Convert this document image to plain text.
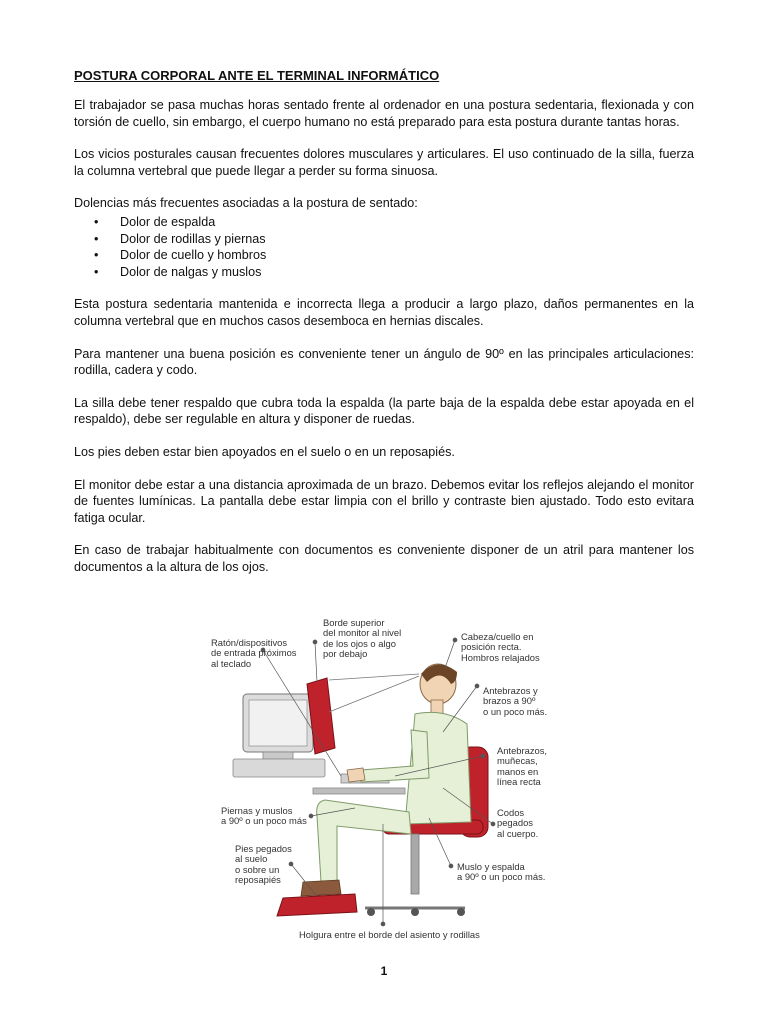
POSTURA CORPORAL ANTE EL TERMINAL INFORMÁTICO

El trabajador se pasa muchas horas sentado frente al ordenador en una postura sedentaria, flexionada y con torsión de cuello, sin embargo, el cuerpo humano no está preparado para esta postura durante tantas horas.

Los vicios posturales causan frecuentes dolores musculares y articulares. El uso continuado de la silla, fuerza la columna vertebral que puede llegar a perder su forma sinuosa.

Dolencias más frecuentes asociadas a la postura de sentado:

• Dolor de espalda
• Dolor de rodillas y piernas
• Dolor de cuello y hombros
• Dolor de nalgas y muslos

Esta postura sedentaria mantenida e incorrecta llega a producir a largo plazo, daños permanentes en la columna vertebral que en muchos casos desemboca en hernias discales.

Para mantener una buena posición es conveniente tener un ángulo de 90º en las principales articulaciones: rodilla, cadera y codo.

La silla debe tener respaldo que cubra toda la espalda (la parte baja de la espalda debe estar apoyada en el respaldo), debe ser regulable en altura y disponer de ruedas.

Los pies deben estar bien apoyados en el suelo o en un reposapiés.

El monitor debe estar a una distancia aproximada de un brazo. Debemos evitar los reflejos alejando el monitor de fuentes lumínicas. La pantalla debe estar limpia con el brillo y contraste bien ajustado. Todo esto evitara fatiga ocular.

En caso de trabajar habitualmente con documentos es conveniente disponer de un atril para mantener los documentos a la altura de los ojos.

Ratón/dispositivos
de entrada próximos
al teclado
Borde superior
del monitor al nivel
de los ojos o algo
por debajo
Cabeza/cuello en
posición recta.
Hombros relajados
Antebrazos y
brazos a 90º
o un poco más.
Antebrazos,
muñecas,
manos en
línea recta
Piernas y muslos
a 90º o un poco más
Codos
pegados
al cuerpo.
Pies pegados
al suelo
o sobre un
reposapiés
Muslo y espalda
a 90º o un poco más.
Holgura entre el borde del asiento y rodillas
1
